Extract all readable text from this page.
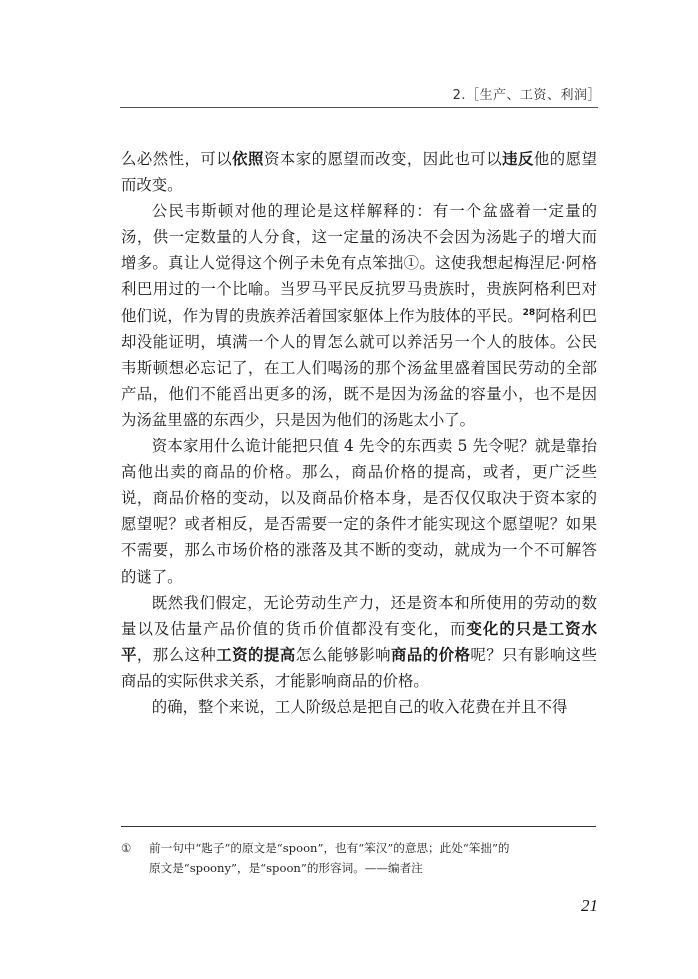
2.［生产、工资、利润］

么必然性，可以依照资本家的愿望而改变，因此也可以违反他的愿望而改变。

公民韦斯顿对他的理论是这样解释的：有一个盆盛着一定量的汤，供一定数量的人分食，这一定量的汤决不会因为汤匙子的增大而增多。真让人觉得这个例子未免有点笨拙①。这使我想起梅涅尼·阿格利巴用过的一个比喻。当罗马平民反抗罗马贵族时，贵族阿格利巴对他们说，作为胃的贵族养活着国家躯体上作为肢体的平民。$^{28}$阿格利巴却没能证明，填满一个人的胃怎么就可以养活另一个人的肢体。公民韦斯顿想必忘记了，在工人们喝汤的那个汤盆里盛着国民劳动的全部产品，他们不能舀出更多的汤，既不是因为汤盆的容量小，也不是因为汤盆里盛的东西少，只是因为他们的汤匙太小了。

资本家用什么诡计能把只值 4 先令的东西卖 5 先令呢？就是靠抬高他出卖的商品的价格。那么，商品价格的提高，或者，更广泛些说，商品价格的变动，以及商品价格本身，是否仅仅取决于资本家的愿望呢？或者相反，是否需要一定的条件才能实现这个愿望呢？如果不需要，那么市场价格的涨落及其不断的变动，就成为一个不可解答的谜了。

既然我们假定，无论劳动生产力，还是资本和所使用的劳动的数量以及估量产品价值的货币价值都没有变化，而变化的只是工资水平，那么这种工资的提高怎么能够影响商品的价格呢？只有影响这些商品的实际供求关系，才能影响商品的价格。

的确，整个来说，工人阶级总是把自己的收入花费在并且不得

① 前一句中“匙子”的原文是“spoon”，也有“笨汉”的意思；此处“笨拙”的
原文是“spoony”，是“spoon”的形容词。——编者注
21
